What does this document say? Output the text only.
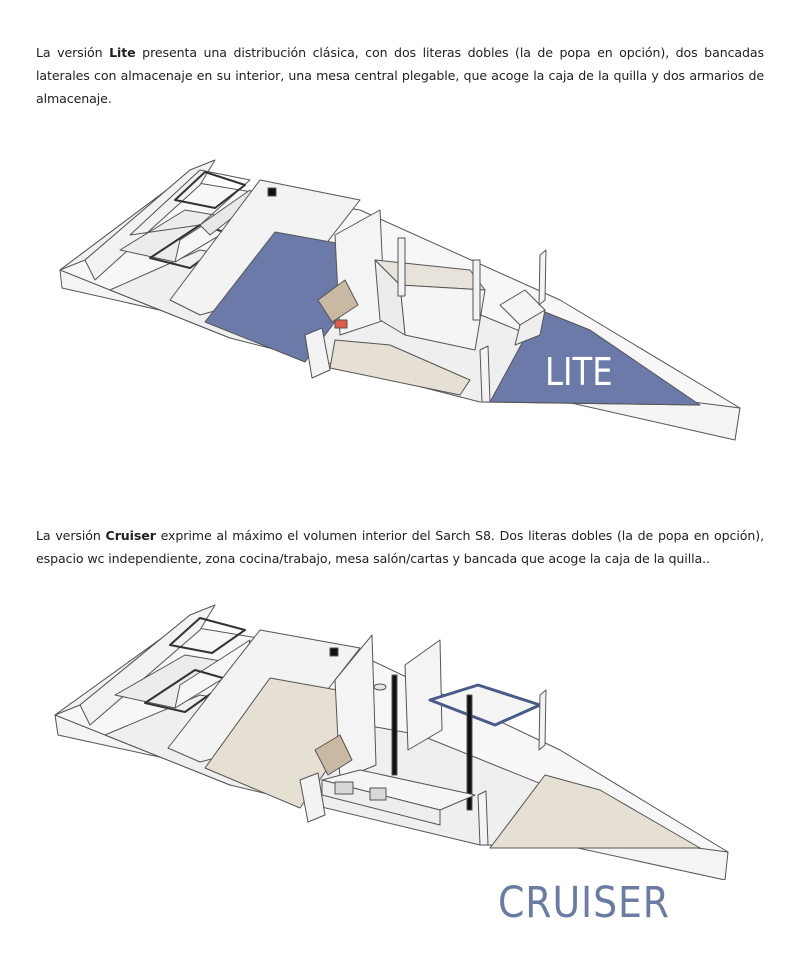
La versión Lite presenta una distribución clásica, con dos literas dobles (la de popa en opción), dos bancadas laterales con almacenaje en su interior, una mesa central plegable, que acoge la caja de la quilla y dos armarios de almacenaje.

LITE

La versión Cruiser exprime al máximo el volumen interior del Sarch S8. Dos literas dobles (la de popa en opción), espacio wc independiente, zona cocina/trabajo, mesa salón/cartas y bancada que acoge la caja de la quilla..

CRUISER
